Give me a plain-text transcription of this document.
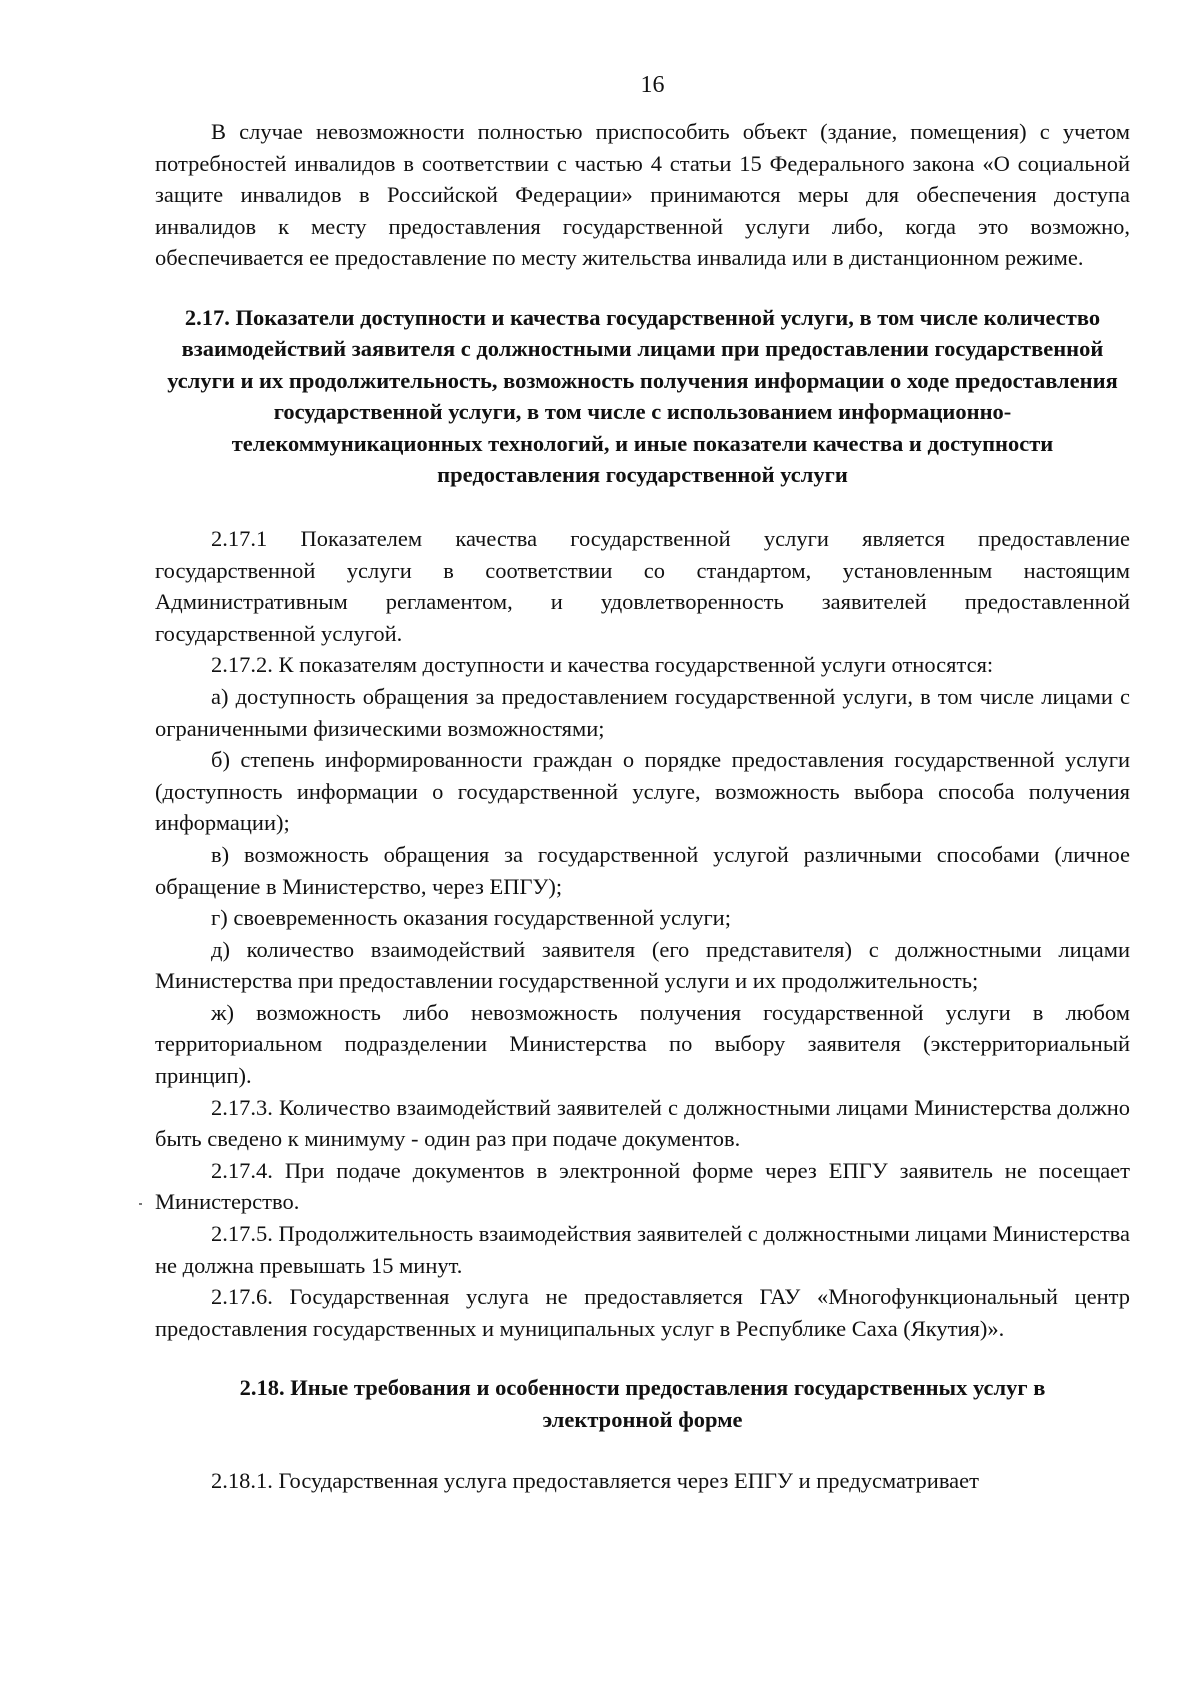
16

В случае невозможности полностью приспособить объект (здание, помещения) с учетом потребностей инвалидов в соответствии с частью 4 статьи 15 Федерального закона «О социальной защите инвалидов в Российской Федерации» принимаются меры для обеспечения доступа инвалидов к месту предоставления государственной услуги либо, когда это возможно, обеспечивается ее предоставление по месту жительства инвалида или в дистанционном режиме.

2.17. Показатели доступности и качества государственной услуги, в том числе количество взаимодействий заявителя с должностными лицами при предоставлении государственной услуги и их продолжительность, возможность получения информации о ходе предоставления государственной услуги, в том числе с использованием информационно-телекоммуникационных технологий, и иные показатели качества и доступности предоставления государственной услуги

2.17.1 Показателем качества государственной услуги является предоставление государственной услуги в соответствии со стандартом, установленным настоящим Административным регламентом, и удовлетворенность заявителей предоставленной государственной услугой.

2.17.2. К показателям доступности и качества государственной услуги относятся:

а) доступность обращения за предоставлением государственной услуги, в том числе лицами с ограниченными физическими возможностями;

б) степень информированности граждан о порядке предоставления государственной услуги (доступность информации о государственной услуге, возможность выбора способа получения информации);

в) возможность обращения за государственной услугой различными способами (личное обращение в Министерство, через ЕПГУ);

г) своевременность оказания государственной услуги;

д) количество взаимодействий заявителя (его представителя) с должностными лицами Министерства при предоставлении государственной услуги и их продолжительность;

ж) возможность либо невозможность получения государственной услуги в любом территориальном подразделении Министерства по выбору заявителя (экстерриториальный принцип).

2.17.3. Количество взаимодействий заявителей с должностными лицами Министерства должно быть сведено к минимуму - один раз при подаче документов.

2.17.4. При подаче документов в электронной форме через ЕПГУ заявитель не посещает Министерство.

2.17.5. Продолжительность взаимодействия заявителей с должностными лицами Министерства не должна превышать 15 минут.

2.17.6. Государственная услуга не предоставляется ГАУ «Многофункциональный центр предоставления государственных и муниципальных услуг в Республике Саха (Якутия)».

2.18. Иные требования и особенности предоставления государственных услуг в электронной форме

2.18.1. Государственная услуга предоставляется через ЕПГУ и предусматривает
